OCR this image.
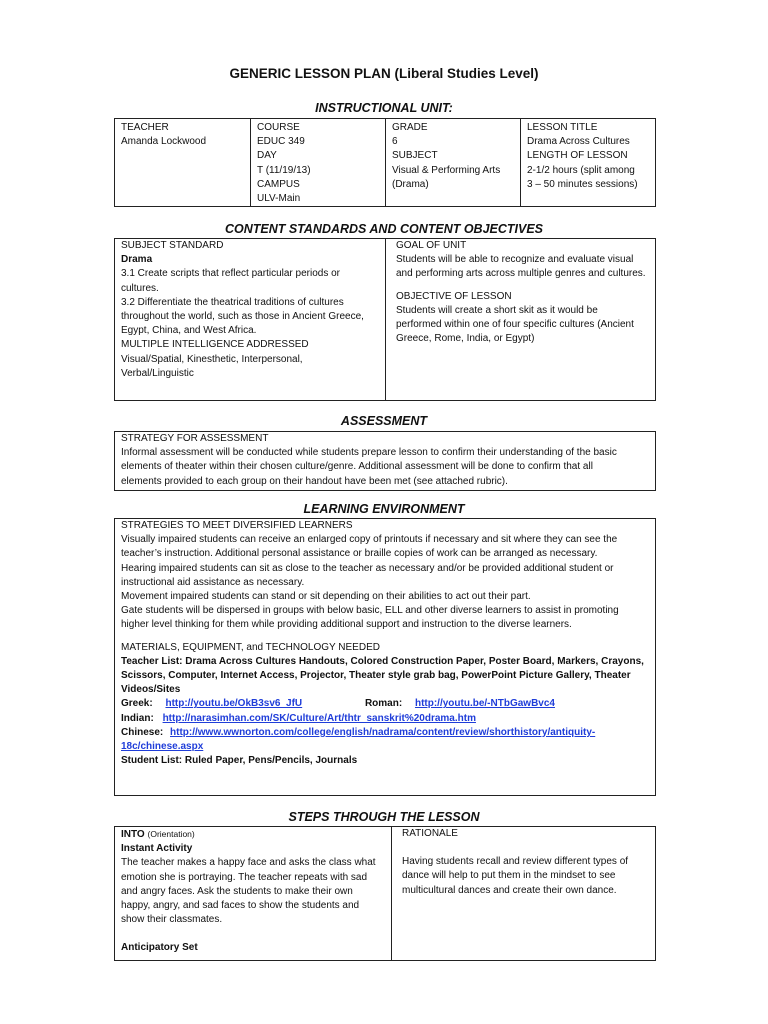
GENERIC LESSON PLAN (Liberal Studies Level)
INSTRUCTIONAL UNIT:
TEACHER
Amanda Lockwood
COURSE
EDUC 349
DAY
T (11/19/13)
CAMPUS
ULV-Main
GRADE
6
SUBJECT
Visual & Performing Arts
(Drama)
LESSON TITLE
Drama Across Cultures
LENGTH OF LESSON
2-1/2 hours (split among
3 – 50 minutes sessions)
CONTENT STANDARDS AND CONTENT OBJECTIVES
SUBJECT STANDARD
Drama
3.1 Create scripts that reflect particular periods or
cultures.
3.2 Differentiate the theatrical traditions of cultures
throughout the world, such as those in Ancient Greece,
Egypt, China, and West Africa.
MULTIPLE INTELLIGENCE ADDRESSED
Visual/Spatial, Kinesthetic, Interpersonal,
Verbal/Linguistic
GOAL OF UNIT
Students will be able to recognize and evaluate visual
and performing arts across multiple genres and cultures.
OBJECTIVE OF LESSON
Students will create a short skit as it would be
performed within one of four specific cultures (Ancient
Greece, Rome, India, or Egypt)
ASSESSMENT
STRATEGY FOR ASSESSMENT
Informal assessment will be conducted while students prepare lesson to confirm their understanding of the basic
elements of theater within their chosen culture/genre. Additional assessment will be done to confirm that all
elements provided to each group on their handout have been met (see attached rubric).
LEARNING ENVIRONMENT
STRATEGIES TO MEET DIVERSIFIED LEARNERS
Visually impaired students can receive an enlarged copy of printouts if necessary and sit where they can see the
teacher’s instruction. Additional personal assistance or braille copies of work can be arranged as necessary.
Hearing impaired students can sit as close to the teacher as necessary and/or be provided additional student or
instructional aid assistance as necessary.
Movement impaired students can stand or sit depending on their abilities to act out their part.
Gate students will be dispersed in groups with below basic, ELL and other diverse learners to assist in promoting
higher level thinking for them while providing additional support and instruction to the diverse learners.
MATERIALS, EQUIPMENT, and TECHNOLOGY NEEDED
Teacher List: Drama Across Cultures Handouts, Colored Construction Paper, Poster Board, Markers, Crayons,
Scissors, Computer, Internet Access, Projector, Theater style grab bag, PowerPoint Picture Gallery, Theater
Videos/Sites
Greek: http://youtu.be/OkB3sv6_JfU	Roman: http://youtu.be/-NTbGawBvc4
Indian: http://narasimhan.com/SK/Culture/Art/thtr_sanskrit%20drama.htm
Chinese: http://www.wwnorton.com/college/english/nadrama/content/review/shorthistory/antiquity-
18c/chinese.aspx
Student List: Ruled Paper, Pens/Pencils, Journals
STEPS THROUGH THE LESSON
INTO (Orientation)
Instant Activity
The teacher makes a happy face and asks the class what
emotion she is portraying. The teacher repeats with sad
and angry faces. Ask the students to make their own
happy, angry, and sad faces to show the students and
show their classmates.
Anticipatory Set
RATIONALE
Having students recall and review different types of
dance will help to put them in the mindset to see
multicultural dances and create their own dance.
